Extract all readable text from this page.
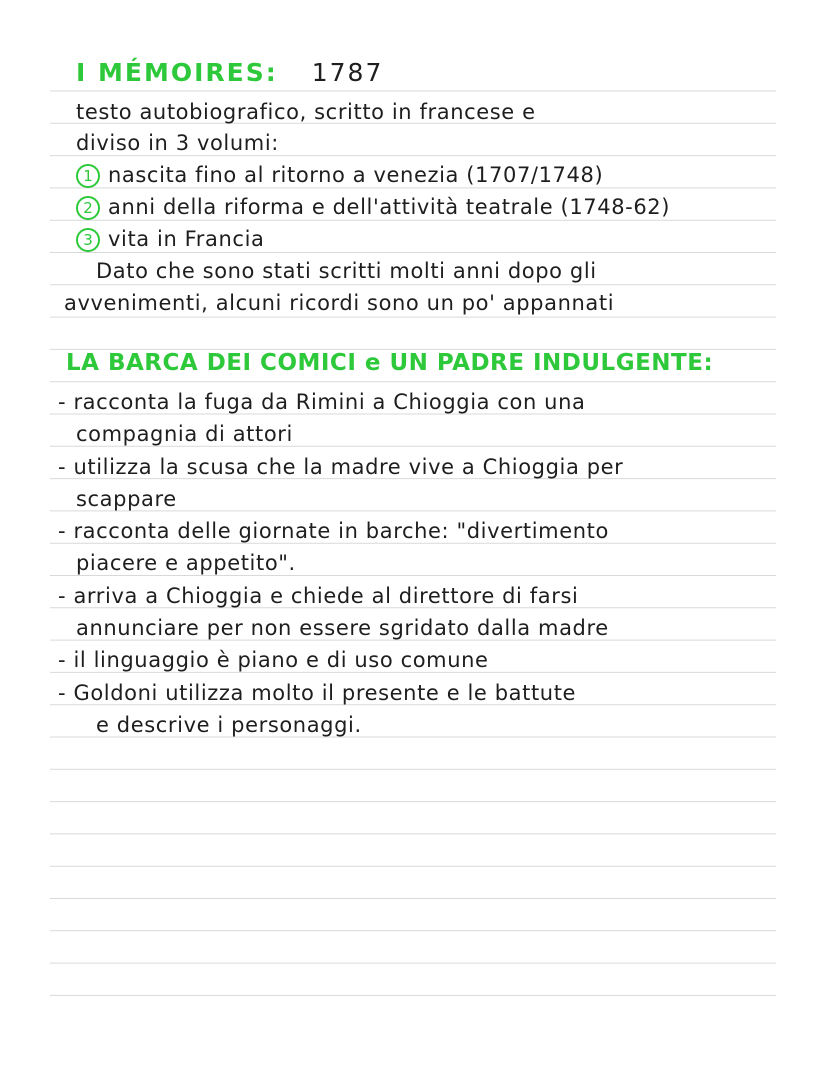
I MÉMOIRES: 1787
testo autobiografico, scritto in francese e
diviso in 3 volumi:
1 nascita fino al ritorno a venezia (1707/1748)
2 anni della riforma e dell'attività teatrale (1748-62)
3 vita in Francia
Dato che sono stati scritti molti anni dopo gli
avvenimenti, alcuni ricordi sono un po' appannati
LA BARCA DEI COMICI e UN PADRE INDULGENTE:
- racconta la fuga da Rimini a Chioggia con una
compagnia di attori
- utilizza la scusa che la madre vive a Chioggia per
scappare
- racconta delle giornate in barche: "divertimento
piacere e appetito".
- arriva a Chioggia e chiede al direttore di farsi
annunciare per non essere sgridato dalla madre
- il linguaggio è piano e di uso comune
- Goldoni utilizza molto il presente e le battute
e descrive i personaggi.
